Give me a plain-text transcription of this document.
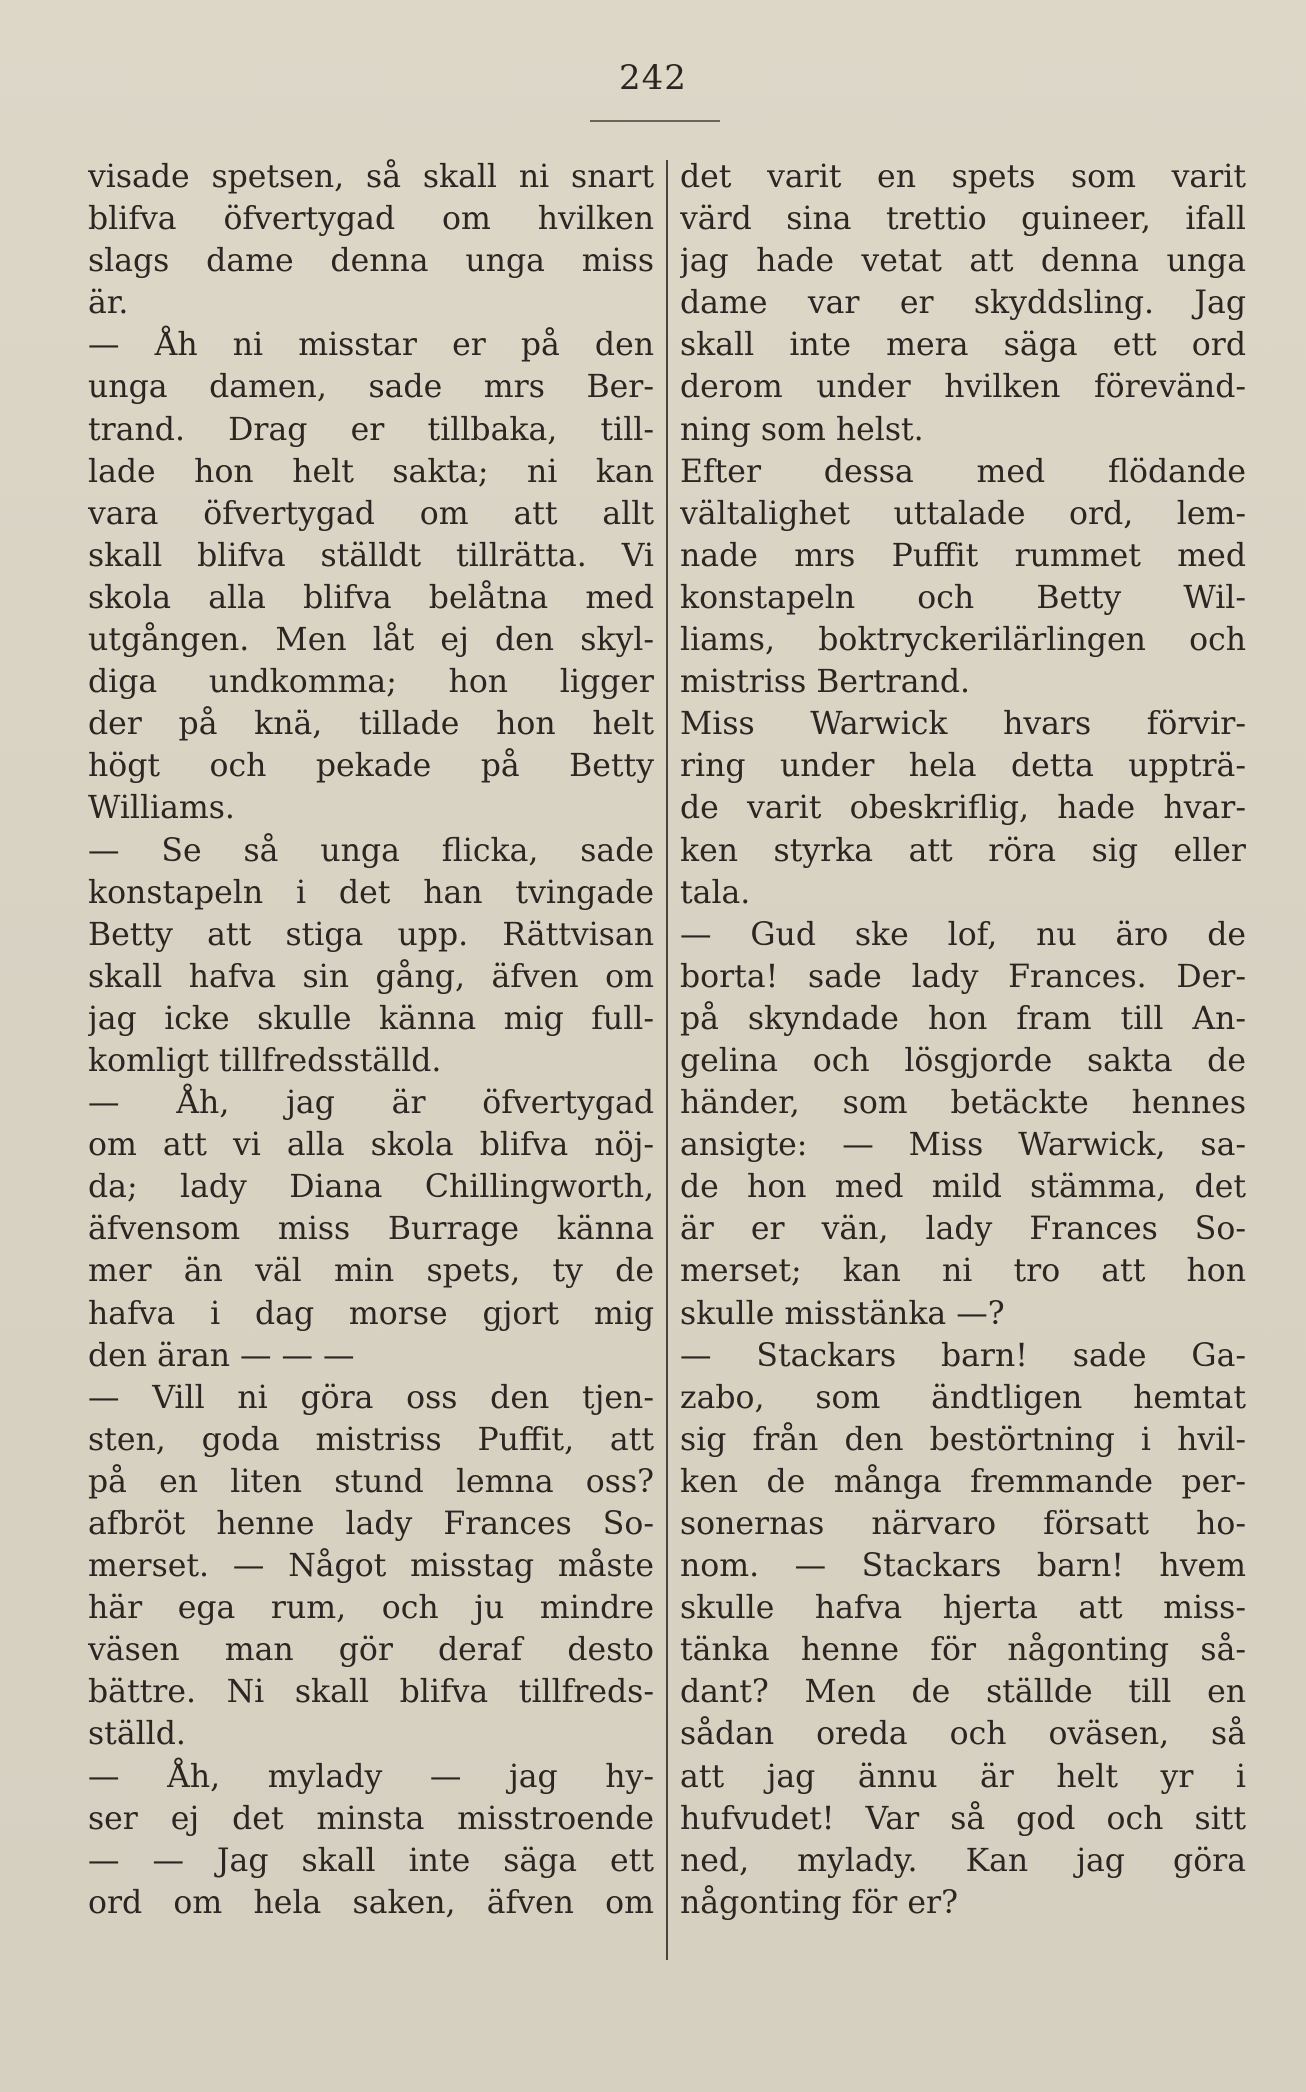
242
visade spetsen, så skall ni snart
blifva öfvertygad om hvilken
slags dame denna unga miss
är.
— Åh ni misstar er på den
unga damen, sade mrs Ber-
trand. Drag er tillbaka, till-
lade hon helt sakta; ni kan
vara öfvertygad om att allt
skall blifva ställdt tillrätta. Vi
skola alla blifva belåtna med
utgången. Men låt ej den skyl-
diga undkomma; hon ligger
der på knä, tillade hon helt
högt och pekade på Betty
Williams.
— Se så unga flicka, sade
konstapeln i det han tvingade
Betty att stiga upp. Rättvisan
skall hafva sin gång, äfven om
jag icke skulle känna mig full-
komligt tillfredsställd.
— Åh, jag är öfvertygad
om att vi alla skola blifva nöj-
da; lady Diana Chillingworth,
äfvensom miss Burrage känna
mer än väl min spets, ty de
hafva i dag morse gjort mig
den äran — — —
— Vill ni göra oss den tjen-
sten, goda mistriss Puffit, att
på en liten stund lemna oss?
afbröt henne lady Frances So-
merset. — Något misstag måste
här ega rum, och ju mindre
väsen man gör deraf desto
bättre. Ni skall blifva tillfreds-
ställd.
— Åh, mylady — jag hy-
ser ej det minsta misstroende
— — Jag skall inte säga ett
ord om hela saken, äfven om
det varit en spets som varit
värd sina trettio guineer, ifall
jag hade vetat att denna unga
dame var er skyddsling. Jag
skall inte mera säga ett ord
derom under hvilken förevänd-
ning som helst.
Efter dessa med flödande
vältalighet uttalade ord, lem-
nade mrs Puffit rummet med
konstapeln och Betty Wil-
liams, boktryckerilärlingen och
mistriss Bertrand.
Miss Warwick hvars förvir-
ring under hela detta uppträ-
de varit obeskriflig, hade hvar-
ken styrka att röra sig eller
tala.
— Gud ske lof, nu äro de
borta! sade lady Frances. Der-
på skyndade hon fram till An-
gelina och lösgjorde sakta de
händer, som betäckte hennes
ansigte: — Miss Warwick, sa-
de hon med mild stämma, det
är er vän, lady Frances So-
merset; kan ni tro att hon
skulle misstänka —?
— Stackars barn! sade Ga-
zabo, som ändtligen hemtat
sig från den bestörtning i hvil-
ken de många fremmande per-
sonernas närvaro försatt ho-
nom. — Stackars barn! hvem
skulle hafva hjerta att miss-
tänka henne för någonting så-
dant? Men de ställde till en
sådan oreda och oväsen, så
att jag ännu är helt yr i
hufvudet! Var så god och sitt
ned, mylady. Kan jag göra
någonting för er?
